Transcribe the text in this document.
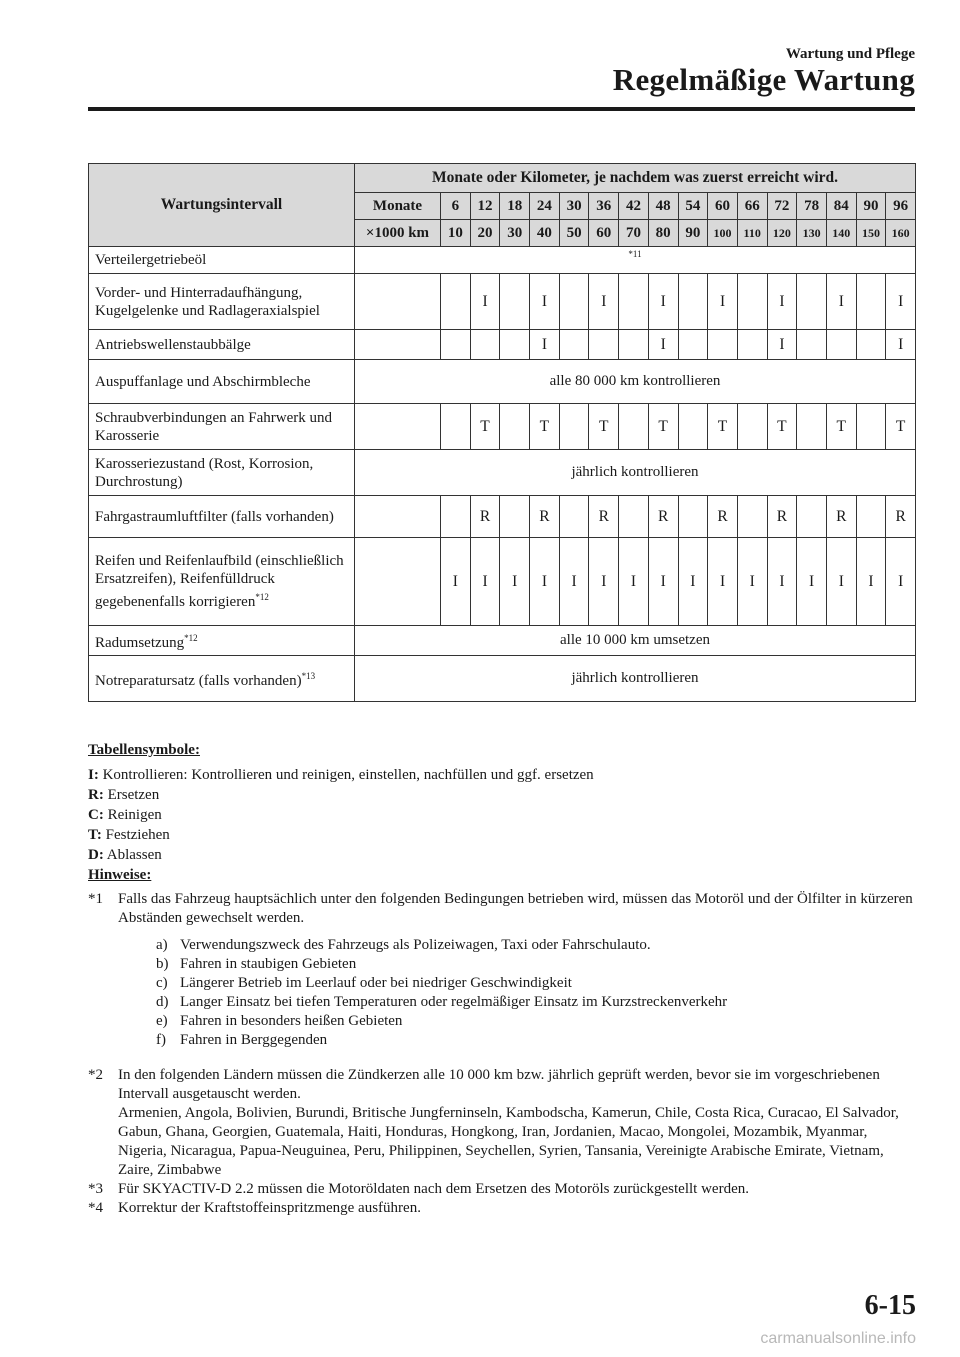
Wartung und Pflege
Regelmäßige Wartung
Wartungsintervall	Monate oder Kilometer, je nachdem was zuerst erreicht wird.																
	Monate	6	12	18	24	30	36	42	48	54	60	66	72	78	84	90	96
	×1000 km	10	20	30	40	50	60	70	80	90	100	110	120	130	140	150	160
Verteilergetriebeöl	*11																
Vorder- und Hinterradaufhängung, Kugelgelenke und Radlageraxialspiel			I		I		I		I		I		I		I		I
Antriebswellenstaubbälge					I				I				I				I
Auspuffanlage und Abschirmbleche	alle 80 000 km kontrollieren																
Schraubverbindungen an Fahrwerk und Karosserie			T		T		T		T		T		T		T		T
Karosseriezustand (Rost, Korrosion, Durchrostung)	jährlich kontrollieren																
Fahrgastraumluftfilter (falls vorhanden)			R		R		R		R		R		R		R		R
Reifen und Reifenlaufbild (einschließlich Ersatzreifen), Reifenfülldruck gegebenenfalls korrigieren$^{*12}$		I	I	I	I	I	I	I	I	I	I	I	I	I	I	I	I
Radumsetzung$^{*12}$	alle 10 000 km umsetzen																
Notreparatursatz (falls vorhanden)$^{*13}$	jährlich kontrollieren																
Tabellensymbole:
I: Kontrollieren: Kontrollieren und reinigen, einstellen, nachfüllen und ggf. ersetzen
R: Ersetzen
C: Reinigen
T: Festziehen
D: Ablassen
Hinweise:
*1	Falls das Fahrzeug hauptsächlich unter den folgenden Bedingungen betrieben wird, müssen das Motoröl und der Ölfilter in kürzeren Abständen gewechselt werden.
a) Verwendungszweck des Fahrzeugs als Polizeiwagen, Taxi oder Fahrschulauto.
b) Fahren in staubigen Gebieten
c) Längerer Betrieb im Leerlauf oder bei niedriger Geschwindigkeit
d) Langer Einsatz bei tiefen Temperaturen oder regelmäßiger Einsatz im Kurzstreckenverkehr
e) Fahren in besonders heißen Gebieten
f) Fahren in Berggegenden
*2	In den folgenden Ländern müssen die Zündkerzen alle 10 000 km bzw. jährlich geprüft werden, bevor sie im vorgeschriebenen Intervall ausgetauscht werden.
Armenien, Angola, Bolivien, Burundi, Britische Jungferninseln, Kambodscha, Kamerun, Chile, Costa Rica, Curacao, El Salvador, Gabun, Ghana, Georgien, Guatemala, Haiti, Honduras, Hongkong, Iran, Jordanien, Macao, Mongolei, Mozambik, Myanmar, Nigeria, Nicaragua, Papua-Neuguinea, Peru, Philippinen, Seychellen, Syrien, Tansania, Vereinigte Arabische Emirate, Vietnam, Zaire, Zimbabwe
*3	Für SKYACTIV-D 2.2 müssen die Motoröldaten nach dem Ersetzen des Motoröls zurückgestellt werden.
*4	Korrektur der Kraftstoffeinspritzmenge ausführen.
6-15
carmanualsonline.info
